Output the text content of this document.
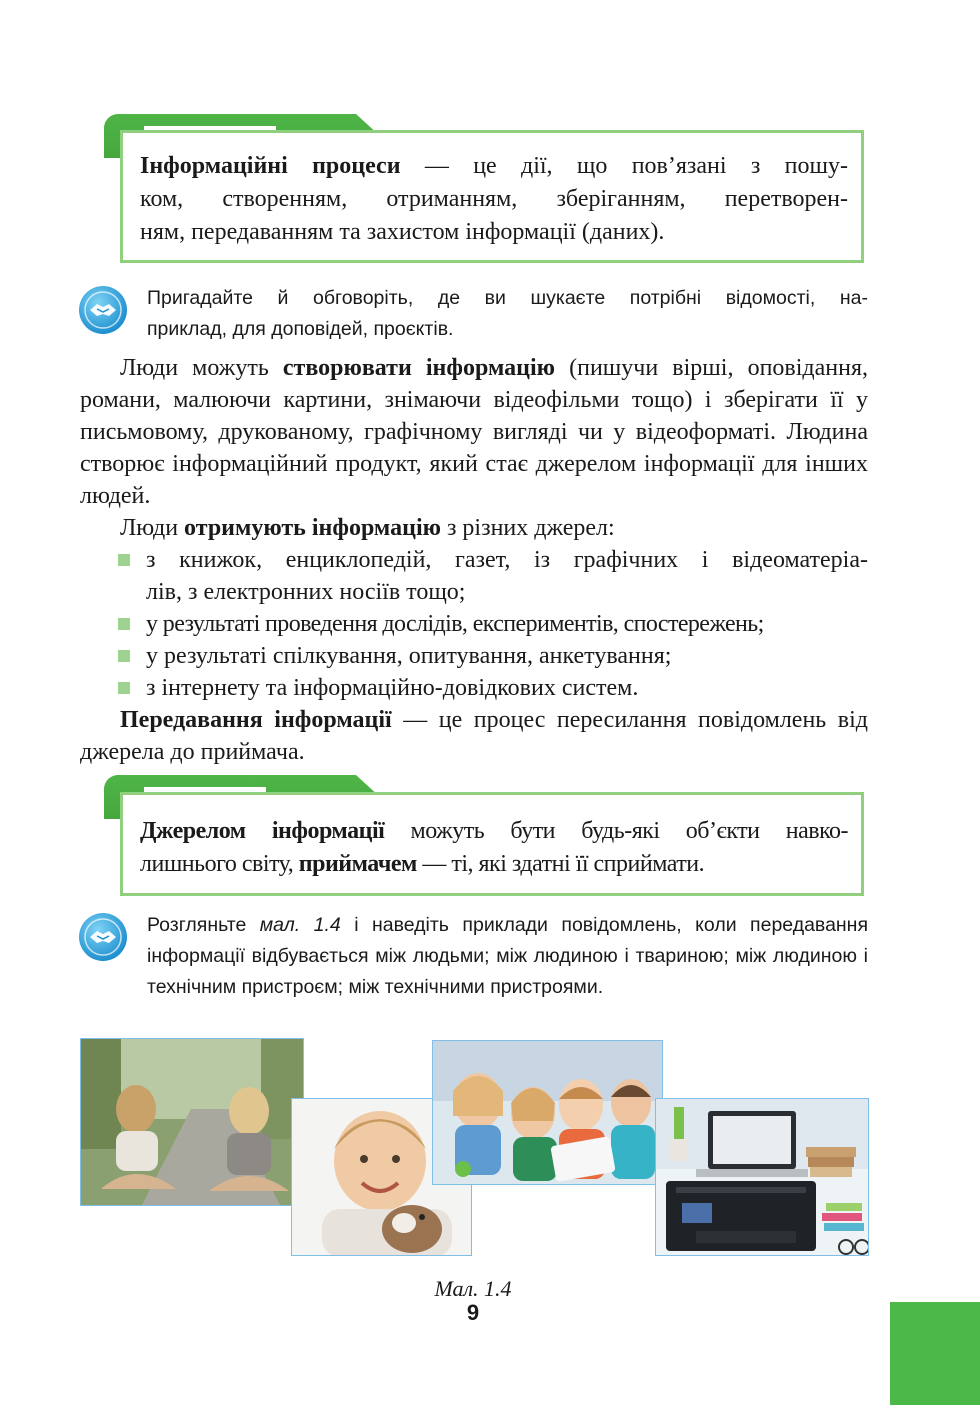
Інформаційні процеси — це дії, що пов’язані з пошу-
ком, створенням, отриманням, зберіганням, перетворен-
ням, передаванням та захистом інформації (даних).
Пригадайте й обговоріть, де ви шукаєте потрібні відомості, на-
приклад, для доповідей, проєктів.

Люди можуть створювати інформацію (пишучи вірші, оповідання, романи, малюючи картини, знімаючи відеофільми тощо) і зберігати її у письмовому, друкованому, графічному вигляді чи у відеоформаті. Людина створює інформаційний продукт, який стає джерелом інформації для інших людей.

Люди отримують інформацію з різних джерел:

з книжок, енциклопедій, газет, із графічних і відеоматеріа-
лів, з електронних носіїв тощо;
у результаті проведення дослідів, експериментів, спостережень;
у результаті спілкування, опитування, анкетування;
з інтернету та інформаційно-довідкових систем.

Передавання інформації — це процес пересилання повідомлень від джерела до приймача.

Джерелом інформації можуть бути будь-які об’єкти навко-
лишнього світу, приймачем — ті, які здатні її сприймати.
Розгляньте мал. 1.4 і наведіть приклади повідомлень, коли передавання інформації відбувається між людьми; між людиною і твариною; між людиною і технічним пристроєм; між технічними пристроями.
Мал. 1.4
9
